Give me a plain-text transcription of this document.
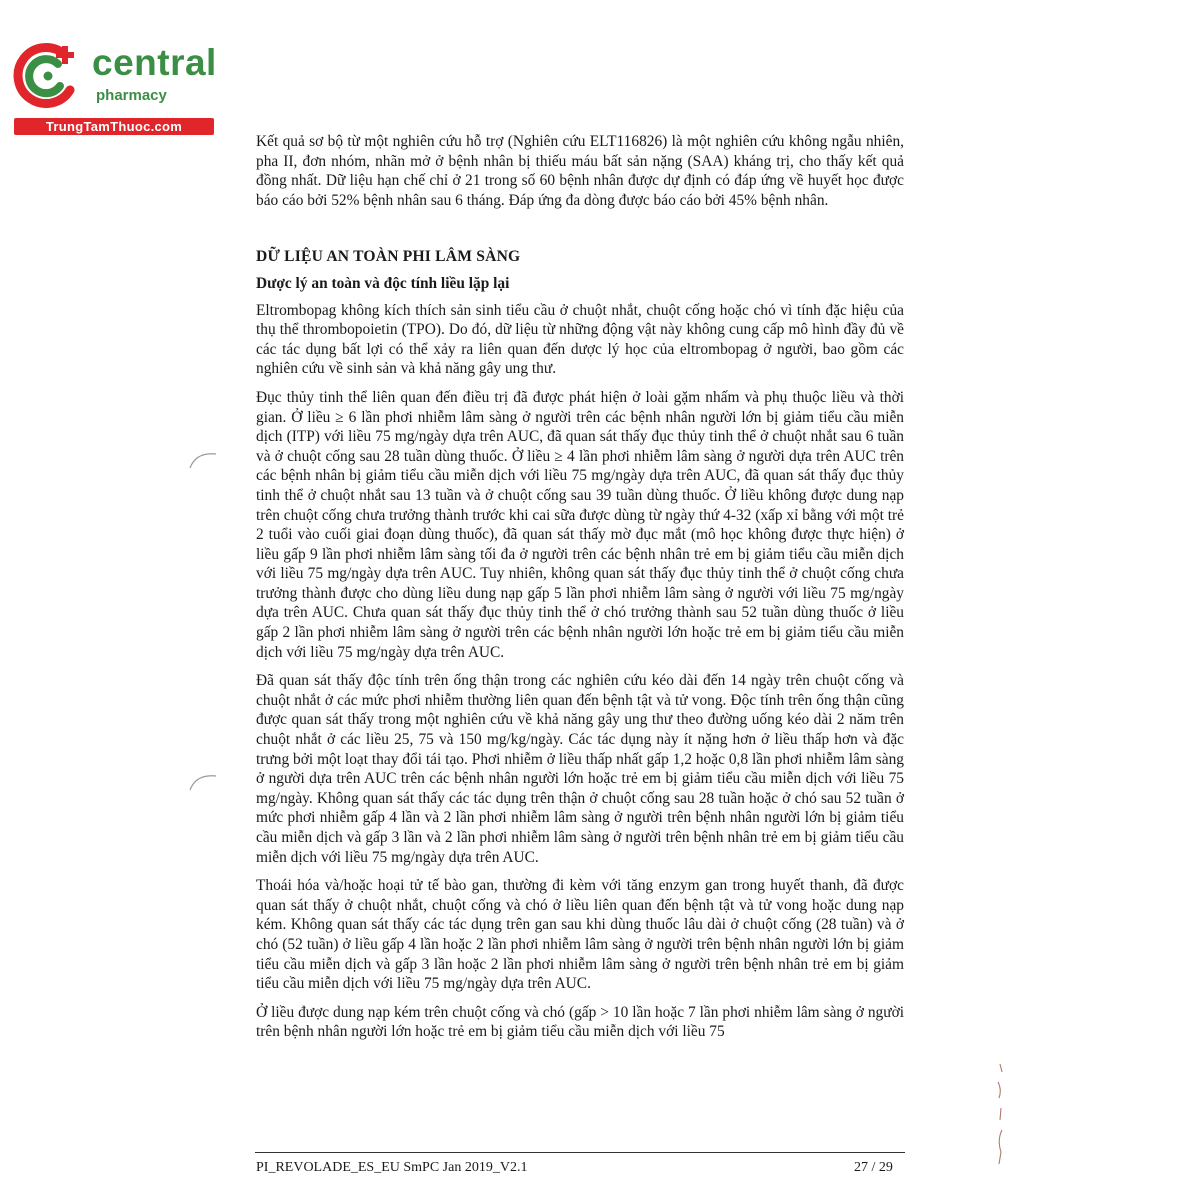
central
pharmacy
TrungTamThuoc.com

Kết quả sơ bộ từ một nghiên cứu hỗ trợ (Nghiên cứu ELT116826) là một nghiên cứu không ngẫu nhiên, pha II, đơn nhóm, nhãn mở ở bệnh nhân bị thiếu máu bất sản nặng (SAA) kháng trị, cho thấy kết quả đồng nhất. Dữ liệu hạn chế chỉ ở 21 trong số 60 bệnh nhân được dự định có đáp ứng về huyết học được báo cáo bởi 52% bệnh nhân sau 6 tháng. Đáp ứng đa dòng được báo cáo bởi 45% bệnh nhân.

DỮ LIỆU AN TOÀN PHI LÂM SÀNG
Dược lý an toàn và độc tính liều lặp lại

Eltrombopag không kích thích sản sinh tiểu cầu ở chuột nhắt, chuột cống hoặc chó vì tính đặc hiệu của thụ thể thrombopoietin (TPO). Do đó, dữ liệu từ những động vật này không cung cấp mô hình đầy đủ về các tác dụng bất lợi có thể xảy ra liên quan đến dược lý học của eltrombopag ở người, bao gồm các nghiên cứu về sinh sản và khả năng gây ung thư.

Đục thủy tinh thể liên quan đến điều trị đã được phát hiện ở loài gặm nhấm và phụ thuộc liều và thời gian. Ở liều ≥ 6 lần phơi nhiễm lâm sàng ở người trên các bệnh nhân người lớn bị giảm tiểu cầu miễn dịch (ITP) với liều 75 mg/ngày dựa trên AUC, đã quan sát thấy đục thủy tinh thể ở chuột nhắt sau 6 tuần và ở chuột cống sau 28 tuần dùng thuốc. Ở liều ≥ 4 lần phơi nhiễm lâm sàng ở người dựa trên AUC trên các bệnh nhân bị giảm tiểu cầu miễn dịch với liều 75 mg/ngày dựa trên AUC, đã quan sát thấy đục thủy tinh thể ở chuột nhắt sau 13 tuần và ở chuột cống sau 39 tuần dùng thuốc. Ở liều không được dung nạp trên chuột cống chưa trưởng thành trước khi cai sữa được dùng từ ngày thứ 4-32 (xấp xỉ bằng với một trẻ 2 tuổi vào cuối giai đoạn dùng thuốc), đã quan sát thấy mờ đục mắt (mô học không được thực hiện) ở liều gấp 9 lần phơi nhiễm lâm sàng tối đa ở người trên các bệnh nhân trẻ em bị giảm tiểu cầu miễn dịch với liều 75 mg/ngày dựa trên AUC. Tuy nhiên, không quan sát thấy đục thủy tinh thể ở chuột cống chưa trưởng thành được cho dùng liều dung nạp gấp 5 lần phơi nhiễm lâm sàng ở người với liều 75 mg/ngày dựa trên AUC. Chưa quan sát thấy đục thủy tinh thể ở chó trưởng thành sau 52 tuần dùng thuốc ở liều gấp 2 lần phơi nhiễm lâm sàng ở người trên các bệnh nhân người lớn hoặc trẻ em bị giảm tiểu cầu miễn dịch với liều 75 mg/ngày dựa trên AUC.

Đã quan sát thấy độc tính trên ống thận trong các nghiên cứu kéo dài đến 14 ngày trên chuột cống và chuột nhắt ở các mức phơi nhiễm thường liên quan đến bệnh tật và tử vong. Độc tính trên ống thận cũng được quan sát thấy trong một nghiên cứu về khả năng gây ung thư theo đường uống kéo dài 2 năm trên chuột nhắt ở các liều 25, 75 và 150 mg/kg/ngày. Các tác dụng này ít nặng hơn ở liều thấp hơn và đặc trưng bởi một loạt thay đổi tái tạo. Phơi nhiễm ở liều thấp nhất gấp 1,2 hoặc 0,8 lần phơi nhiễm lâm sàng ở người dựa trên AUC trên các bệnh nhân người lớn hoặc trẻ em bị giảm tiểu cầu miễn dịch với liều 75 mg/ngày. Không quan sát thấy các tác dụng trên thận ở chuột cống sau 28 tuần hoặc ở chó sau 52 tuần ở mức phơi nhiễm gấp 4 lần và 2 lần phơi nhiễm lâm sàng ở người trên bệnh nhân người lớn bị giảm tiểu cầu miễn dịch và gấp 3 lần và 2 lần phơi nhiễm lâm sàng ở người trên bệnh nhân trẻ em bị giảm tiểu cầu miễn dịch với liều 75 mg/ngày dựa trên AUC.

Thoái hóa và/hoặc hoại tử tế bào gan, thường đi kèm với tăng enzym gan trong huyết thanh, đã được quan sát thấy ở chuột nhắt, chuột cống và chó ở liều liên quan đến bệnh tật và tử vong hoặc dung nạp kém. Không quan sát thấy các tác dụng trên gan sau khi dùng thuốc lâu dài ở chuột cống (28 tuần) và ở chó (52 tuần) ở liều gấp 4 lần hoặc 2 lần phơi nhiễm lâm sàng ở người trên bệnh nhân người lớn bị giảm tiểu cầu miễn dịch và gấp 3 lần hoặc 2 lần phơi nhiễm lâm sàng ở người trên bệnh nhân trẻ em bị giảm tiểu cầu miễn dịch với liều 75 mg/ngày dựa trên AUC.

Ở liều được dung nạp kém trên chuột cống và chó (gấp > 10 lần hoặc 7 lần phơi nhiễm lâm sàng ở người trên bệnh nhân người lớn hoặc trẻ em bị giảm tiểu cầu miễn dịch với liều 75

PI_REVOLADE_ES_EU SmPC Jan 2019_V2.1	27 / 29
